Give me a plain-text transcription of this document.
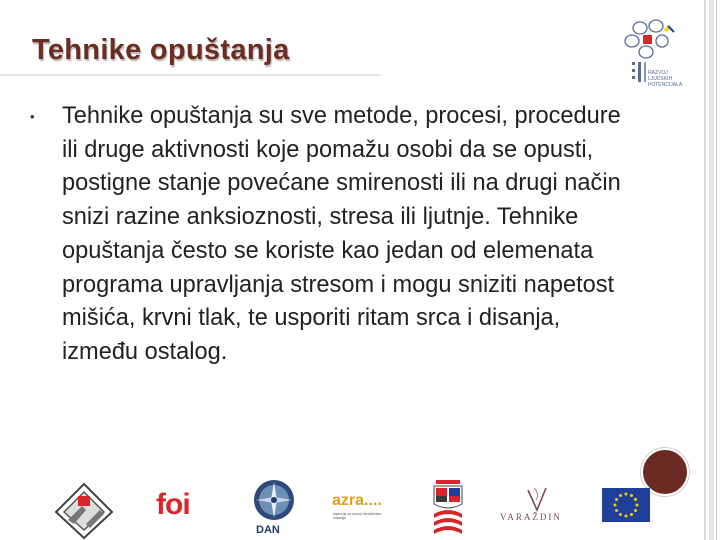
Tehnike opuštanja
RAZVOJ
LJUDSKIH
POTENCIJALA
• Tehnike opuštanja su sve metode, procesi, procedure ili druge aktivnosti koje pomažu osobi da se opusti, postigne stanje povećane smirenosti ili na drugi način snizi razine anksioznosti, stresa ili ljutnje. Tehnike opuštanja često se koriste kao jedan od elemenata programa upravljanja stresom i mogu sniziti napetost mišića, krvni tlak, te usporiti ritam srca i disanja, između ostalog.
foi
DAN
azra....
Agencija za razvoj Varaždinske
županije	VARAŽDIN
